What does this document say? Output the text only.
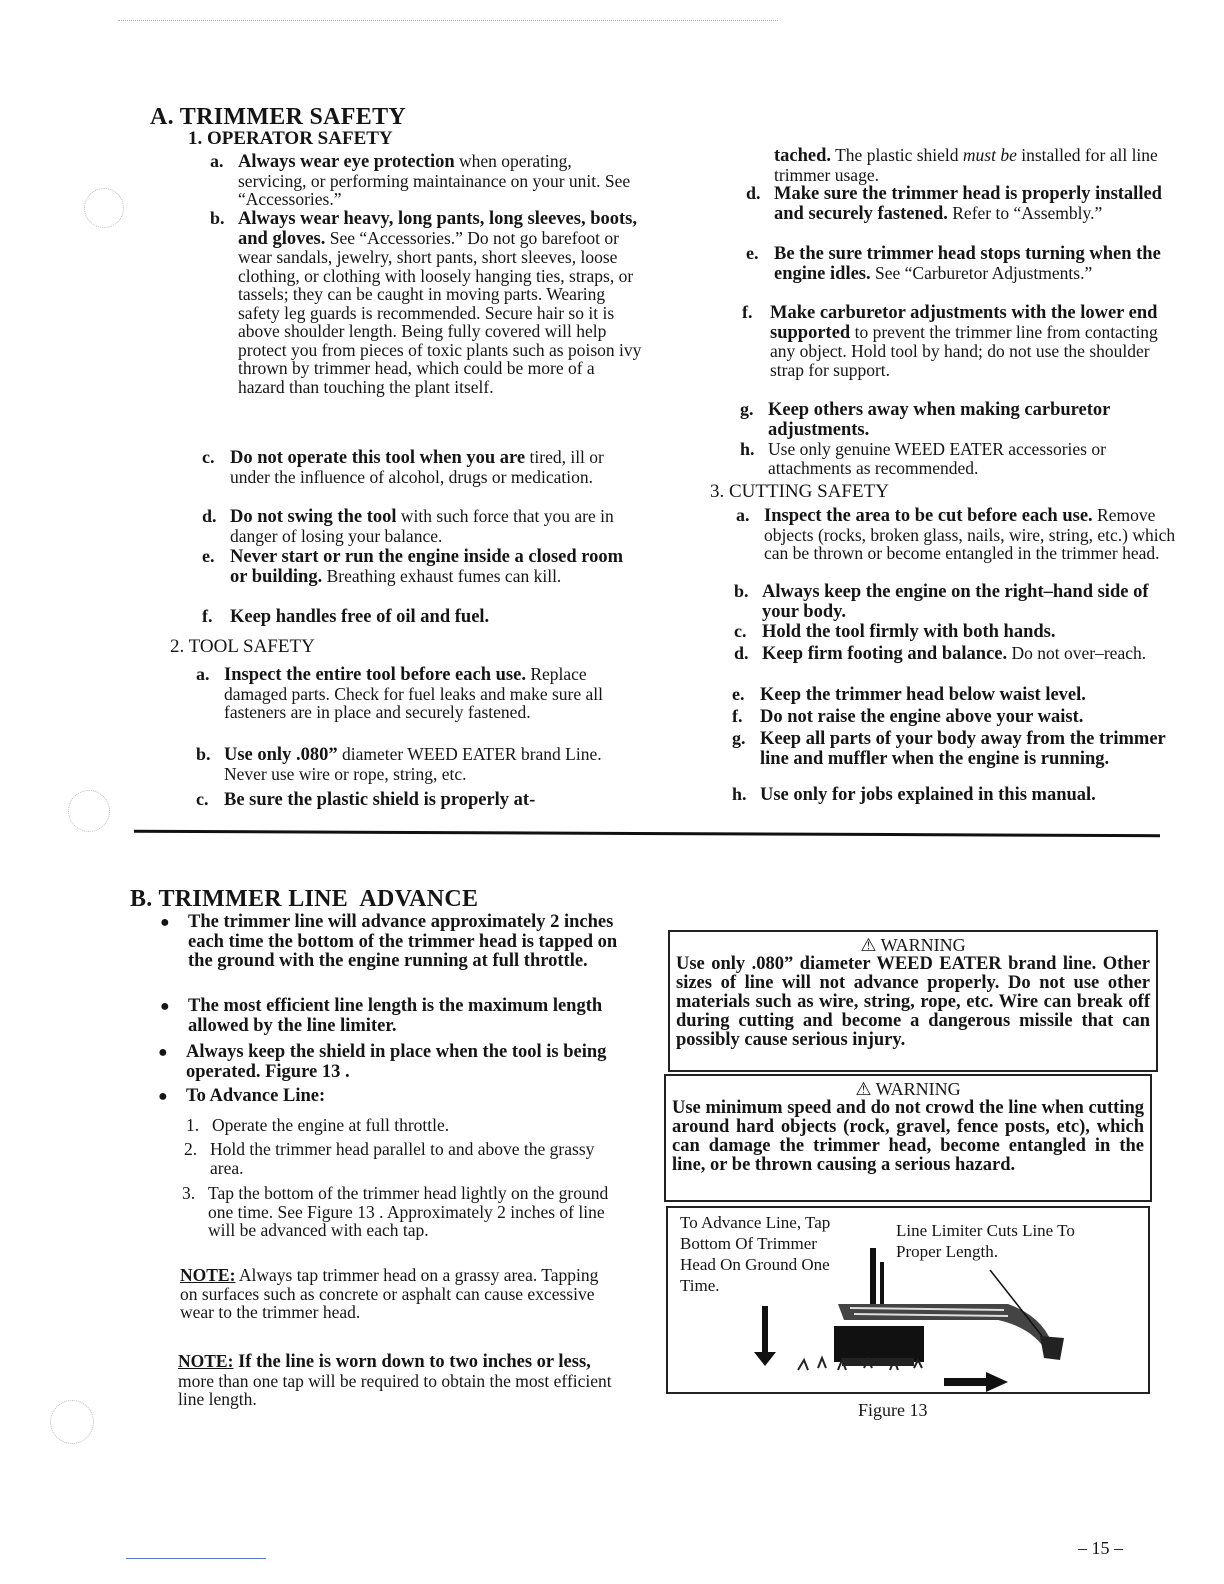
A. TRIMMER SAFETY
1. OPERATOR SAFETY
a. Always wear eye protection when operating, servicing, or performing maintainance on your unit. See “Accessories.”
b. Always wear heavy, long pants, long sleeves, boots, and gloves. See “Accessories.” Do not go barefoot or wear sandals, jewelry, short pants, short sleeves, loose clothing, or clothing with loosely hanging ties, straps, or tassels; they can be caught in moving parts. Wearing safety leg guards is recommended. Secure hair so it is above shoulder length. Being fully covered will help protect you from pieces of toxic plants such as poison ivy thrown by trimmer head, which could be more of a hazard than touching the plant itself.
c. Do not operate this tool when you are tired, ill or under the influence of alcohol, drugs or medication.
d. Do not swing the tool with such force that you are in danger of losing your balance.
e. Never start or run the engine inside a closed room or building. Breathing exhaust fumes can kill.
f. Keep handles free of oil and fuel.
2. TOOL SAFETY
a. Inspect the entire tool before each use. Replace damaged parts. Check for fuel leaks and make sure all fasteners are in place and securely fastened.
b. Use only .080” diameter WEED EATER brand Line. Never use wire or rope, string, etc.
c. Be sure the plastic shield is properly at-
tached. The plastic shield must be installed for all line trimmer usage.
d. Make sure the trimmer head is properly installed and securely fastened. Refer to “Assembly.”
e. Be the sure trimmer head stops turning when the engine idles. See “Carburetor Adjustments.”
f. Make carburetor adjustments with the lower end supported to prevent the trimmer line from contacting any object. Hold tool by hand; do not use the shoulder strap for support.
g. Keep others away when making carburetor adjustments.
h. Use only genuine WEED EATER accessories or attachments as recommended.
3. CUTTING SAFETY
a. Inspect the area to be cut before each use. Remove objects (rocks, broken glass, nails, wire, string, etc.) which can be thrown or become entangled in the trimmer head.
b. Always keep the engine on the right–hand side of your body.
c. Hold the tool firmly with both hands.
d. Keep firm footing and balance. Do not over–reach.
e. Keep the trimmer head below waist level.
f. Do not raise the engine above your waist.
g. Keep all parts of your body away from the trimmer line and muffler when the engine is running.
h. Use only for jobs explained in this manual.
B. TRIMMER LINE  ADVANCE
● The trimmer line will advance approximately 2 inches each time the bottom of the trimmer head is tapped on the ground with the engine running at full throttle.
● The most efficient line length is the maximum length allowed by the line limiter.
● Always keep the shield in place when the tool is being operated. Figure 13 .
● To Advance Line:
1. Operate the engine at full throttle.
2. Hold the trimmer head parallel to and above the grassy area.
3. Tap the bottom of the trimmer head lightly on the ground one time. See Figure 13 . Approximately 2 inches of line will be advanced with each tap.
NOTE: Always tap trimmer head on a grassy area. Tapping on surfaces such as concrete or asphalt can cause excessive wear to the trimmer head.
NOTE: If the line is worn down to two inches or less, more than one tap will be required to obtain the most efficient line length.
⚠ WARNING
Use only .080” diameter WEED EATER brand line. Other sizes of line will not advance properly. Do not use other materials such as wire, string, rope, etc. Wire can break off during cutting and become a dangerous missile that can possibly cause serious injury.
⚠ WARNING
Use minimum speed and do not crowd the line when cutting around hard objects (rock, gravel, fence posts, etc), which can damage the trimmer head, become entangled in the line, or be thrown causing a serious hazard.
To Advance Line, Tap Bottom Of Trimmer Head On Ground One Time.
Line Limiter Cuts Line To Proper Length.
Figure 13
– 15 –
